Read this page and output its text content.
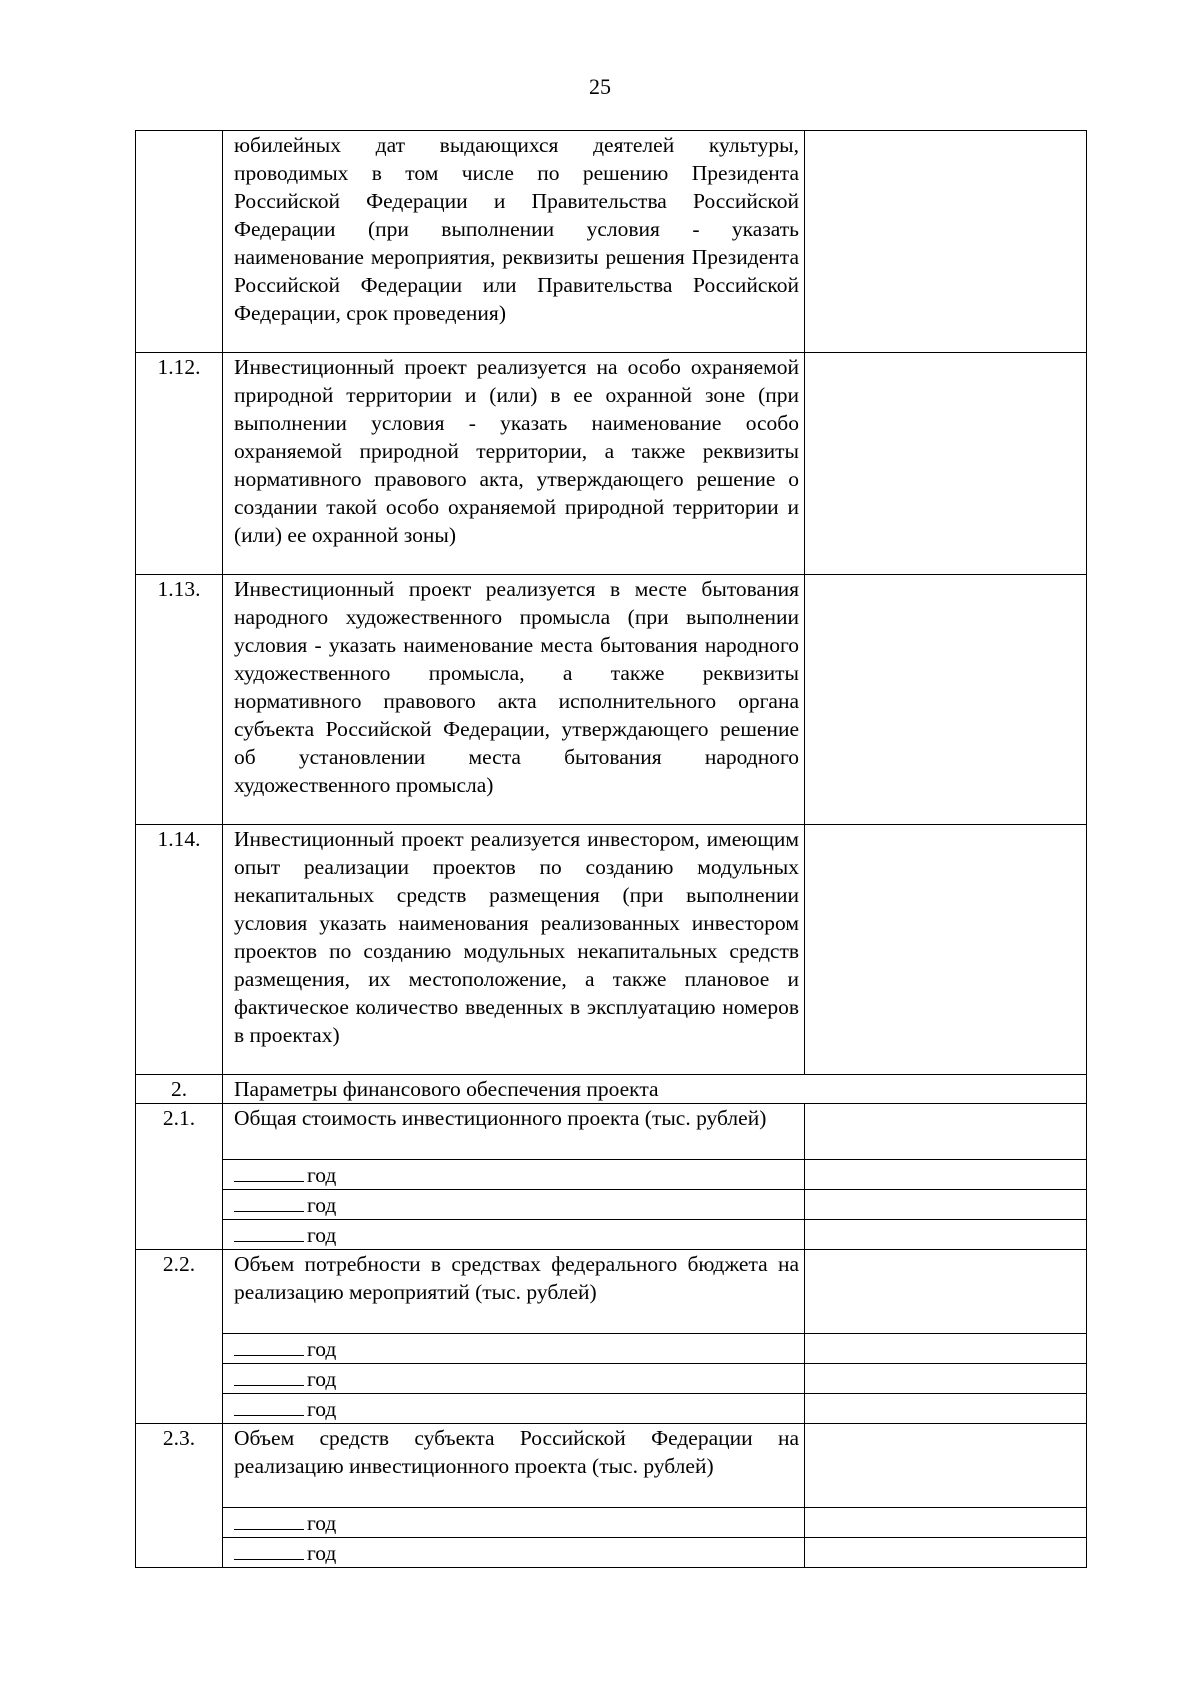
25

	юбилейных дат выдающихся деятелей культуры, проводимых в том числе по решению Президента Российской Федерации и Правительства Российской Федерации (при выполнении условия - указать наименование мероприятия, реквизиты решения Президента Российской Федерации или Правительства Российской Федерации, срок проведения)	

1.12.	Инвестиционный проект реализуется на особо охраняемой природной территории и (или) в ее охранной зоне (при выполнении условия - указать наименование особо охраняемой природной территории, а также реквизиты нормативного правового акта, утверждающего решение о создании такой особо охраняемой природной территории и (или) ее охранной зоны)	

1.13.	Инвестиционный проект реализуется в месте бытования народного художественного промысла (при выполнении условия - указать наименование места бытования народного художественного промысла, а также реквизиты нормативного правового акта исполнительного органа субъекта Российской Федерации, утверждающего решение об установлении места бытования народного художественного промысла)	

1.14.	Инвестиционный проект реализуется инвестором, имеющим опыт реализации проектов по созданию модульных некапитальных средств размещения (при выполнении условия указать наименования реализованных инвестором проектов по созданию модульных некапитальных средств размещения, их местоположение, а также плановое и фактическое количество введенных в эксплуатацию номеров в проектах)	

2.	Параметры финансового обеспечения проекта	

2.1.	Общая стоимость инвестиционного проекта (тыс. рублей)	

	год	
	год	
	год	

2.2.	Объем потребности в средствах федерального бюджета на реализацию мероприятий (тыс. рублей)	

	год	
	год	
	год	

2.3.	Объем средств субъекта Российской Федерации на реализацию инвестиционного проекта (тыс. рублей)	

	год	
	год	
